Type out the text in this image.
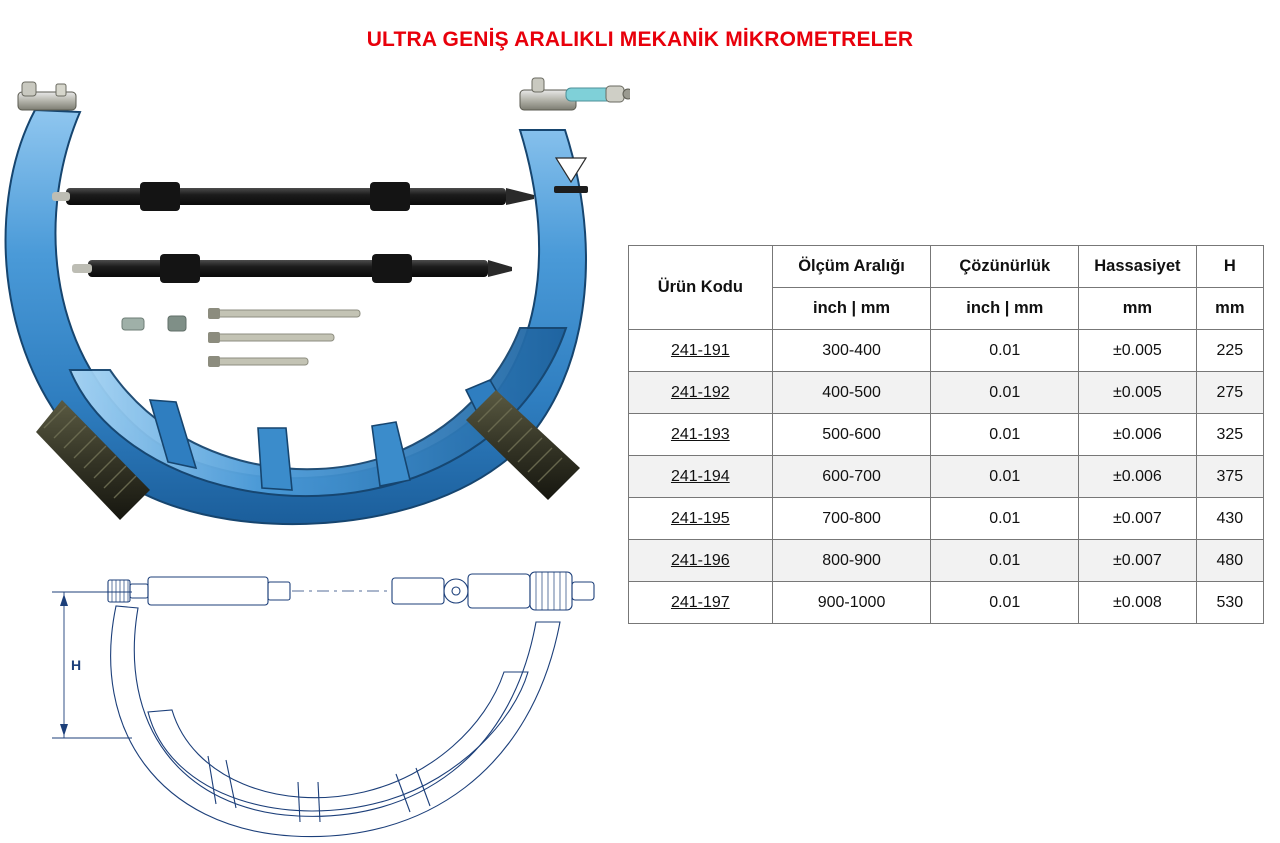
ULTRA GENİŞ ARALIKLI MEKANİK MİKROMETRELER
H
Ürün Kodu	Ölçüm Aralığı	Çözünürlük	Hassasiyet	H
	inch | mm	inch | mm	mm	mm
241-191	300-400	0.01	±0.005	225
241-192	400-500	0.01	±0.005	275
241-193	500-600	0.01	±0.006	325
241-194	600-700	0.01	±0.006	375
241-195	700-800	0.01	±0.007	430
241-196	800-900	0.01	±0.007	480
241-197	900-1000	0.01	±0.008	530
